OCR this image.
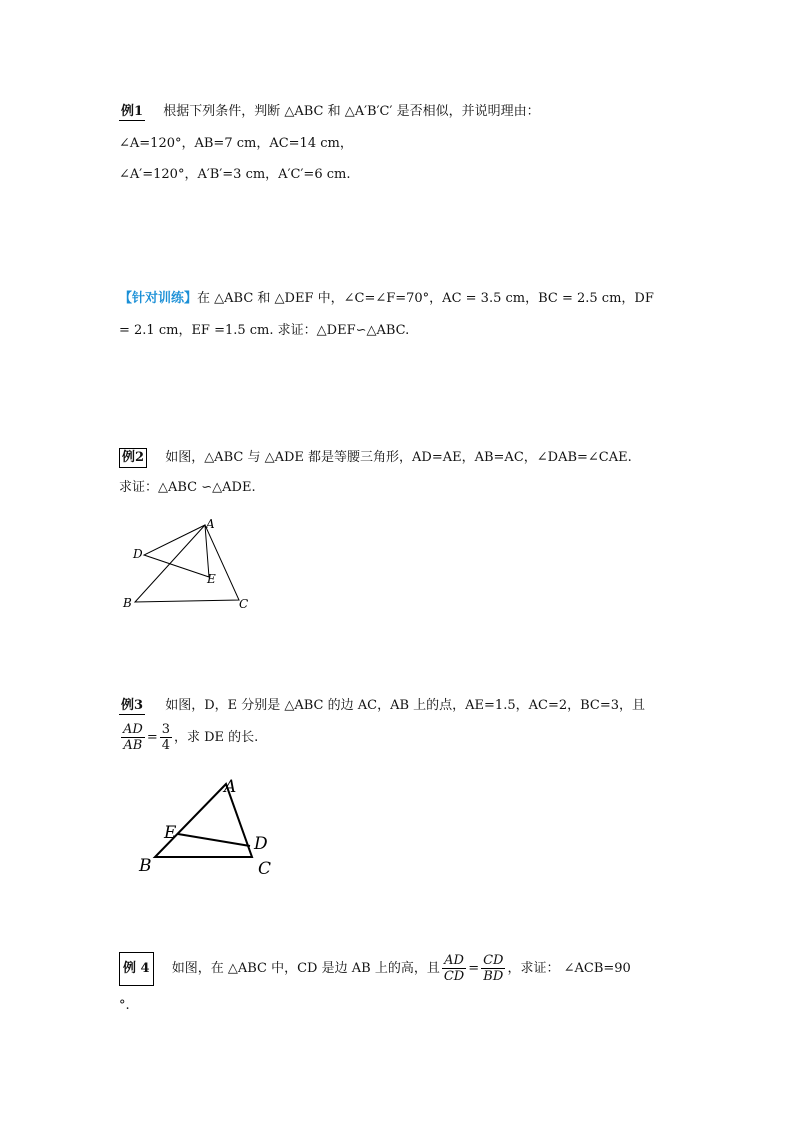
例1 根据下列条件，判断 △ABC 和 △A′B′C′ 是否相似，并说明理由：
∠A=120°，AB=7 cm，AC=14 cm，
∠A′=120°，A′B′=3 cm，A′C′=6 cm.
【针对训练】在 △ABC 和 △DEF 中，∠C=∠F=70°，AC = 3.5 cm，BC = 2.5 cm，DF
= 2.1 cm，EF =1.5 cm. 求证：△DEF∽△ABC.
例2 如图，△ABC 与 △ADE 都是等腰三角形，AD=AE，AB=AC，∠DAB=∠CAE.
求证：△ABC ∽△ADE.
A
B	C
D
E
例3 如图，D，E 分别是 △ABC 的边 AC，AB 上的点，AE=1.5，AC=2，BC=3，且
$\frac{AD}{AB} = \frac{3}{4}$ ，求 DE 的长.
A
B	C
D
E
例 4 如图，在 △ABC 中，CD 是边 AB 上的高，且 $\frac{AD}{CD} = \frac{CD}{BD}$ ，求证： ∠ACB=90
°.
